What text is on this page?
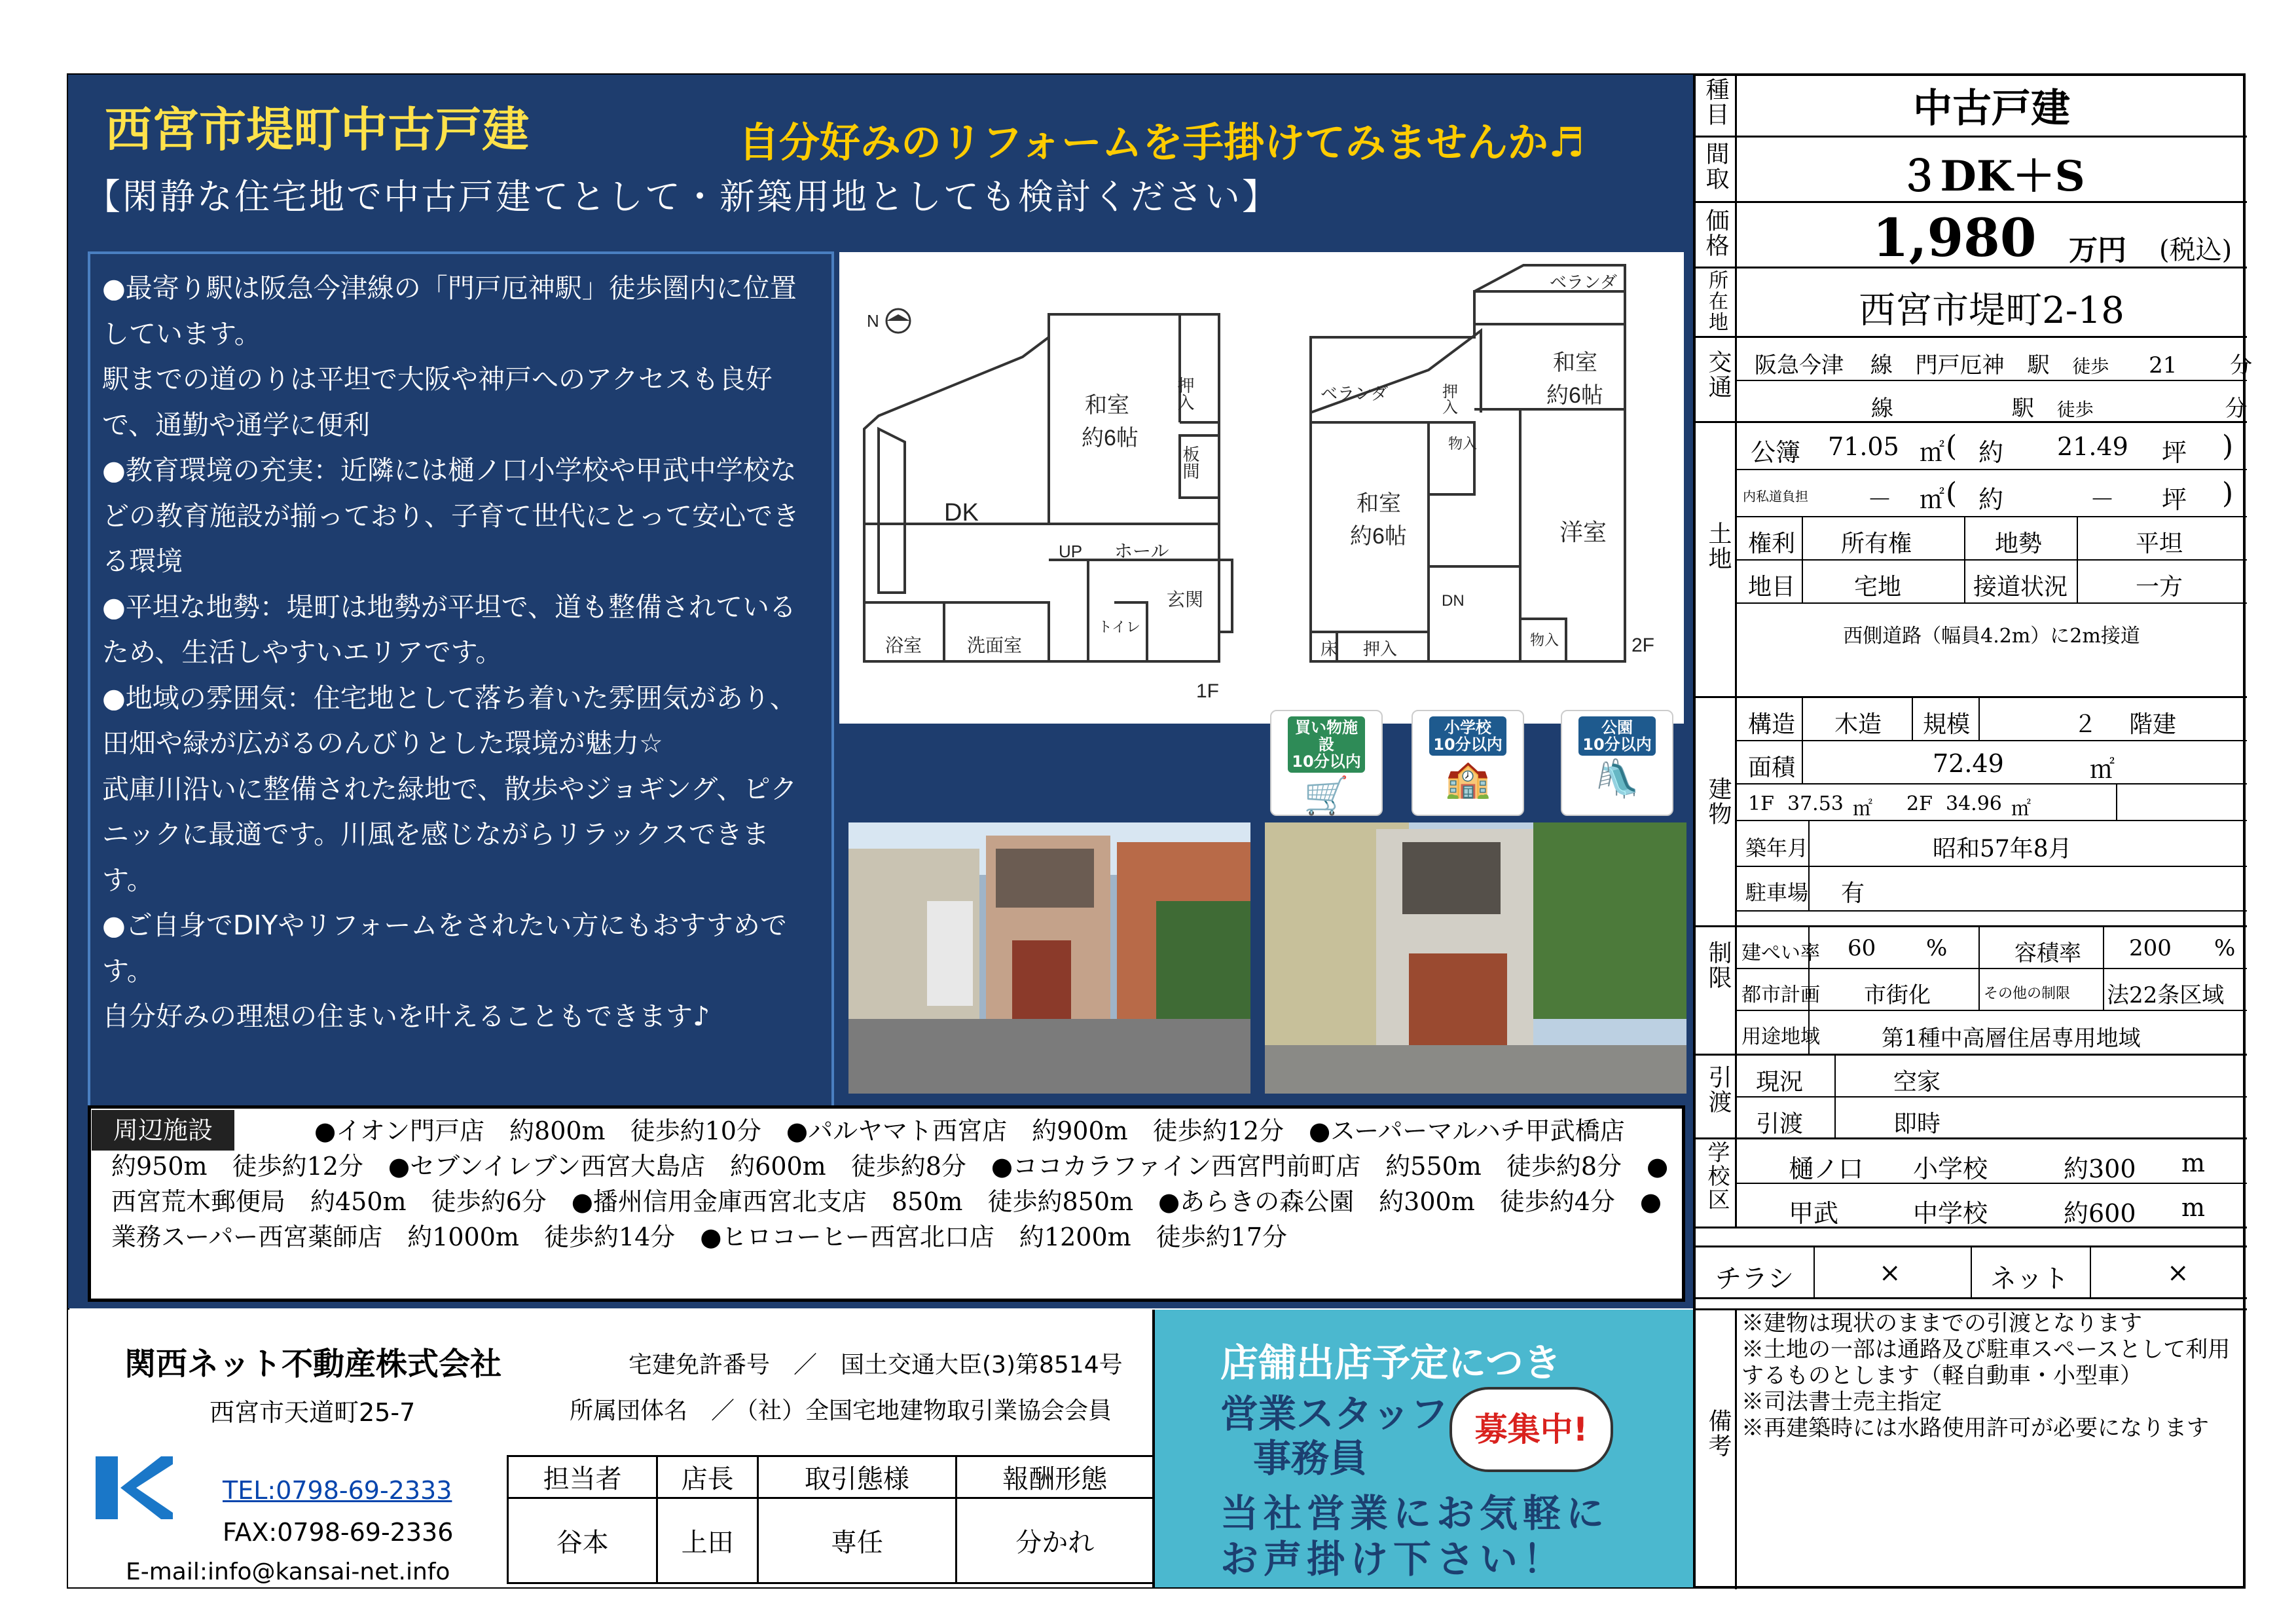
西宮市堤町中古戸建	自分好みのリフォームを手掛けてみませんか♬
【閑静な住宅地で中古戸建てとして・新築用地としても検討ください】

●最寄り駅は阪急今津線の「門戸厄神駅」徒歩圏内に位置しています。

駅までの道のりは平坦で大阪や神戸へのアクセスも良好で、通勤や通学に便利

●教育環境の充実：近隣には樋ノ口小学校や甲武中学校などの教育施設が揃っており、子育て世代にとって安心できる環境

●平坦な地勢：堤町は地勢が平坦で、道も整備されているため、生活しやすいエリアです。

●地域の雰囲気：住宅地として落ち着いた雰囲気があり、田畑や緑が広がるのんびりとした環境が魅力☆

武庫川沿いに整備された緑地で、散歩やジョギング、ピクニックに最適です。川風を感じながらリラックスできます。

●ご自身でDIYやリフォームをされたい方にもおすすめです。

自分好みの理想の住まいを叶えることもできます♪

N
DK
和室
約6帖
押入
板間
UP ホール
玄関
トイレ
浴室 洗面室
1F
ベランダ
ベランダ
和室
約6帖
和室
約6帖
押入
物入
洋室
DN
物入
床 押入	2F
買い物施設
10分以内
🛒
小学校
10分以内
🏫
公園
10分以内
🛝
●イオン門戸店　約800m　徒歩約10分　●パルヤマト西宮店　約900m　徒歩約12分　●スーパーマルハチ甲武橋店　約950m　徒歩約12分　●セブンイレブン西宮大島店　約600m　徒歩約8分　●ココカラファイン西宮門前町店　約550m　徒歩約8分　●西宮荒木郵便局　約450m　徒歩約6分　●播州信用金庫西宮北支店　850m　徒歩約850m　●あらきの森公園　約300m　徒歩約4分　●業務スーパー西宮薬師店　約1000m　徒歩約14分　●ヒロコーヒー西宮北口店　約1200m　徒歩約17分
周辺施設
関西ネット不動産株式会社
西宮市天道町25-7
宅建免許番号　／　国土交通大臣(3)第8514号
所属団体名　／（社）全国宅地建物取引業協会会員
TEL:0798-69-2333
FAX:0798-69-2336
E-mail:info@kansai-net.info
担当者	店長	取引態様	報酬形態
谷本	上田	専任	分かれ
店舗出店予定につき
営業スタッフ
事務員
募集中!
当社営業にお気軽に
お声掛け下さい！
種目	中古戸建
間取	３DK＋S
価格	1,980 万円 (税込)
所在地	西宮市堤町2-18
交通 阪急今津 線 門戸厄神 駅 徒歩 21 分
線	駅 徒歩	分
土地
公簿 71.05 ㎡ ( 約 21.49 坪 )
内私道負担 － ㎡ ( 約	－ 坪 )
権利 所有権	地勢	平坦
地目 宅地	接道状況	一方
西側道路（幅員4.2m）に2m接道
建物
構造 木造 規模	２ 階建
面積	72.49	㎡
1F 37.53 ㎡ 2F 34.96 ㎡
築年月	昭和57年8月
駐車場 有
制限 建ぺい率 60 %	容積率 200 %
都市計画 市街化	その他の制限 法22条区域
用途地域	第1種中高層住居専用地域
引渡 現況	空家
引渡	即時
学校区 樋ノ口 小学校	約300 m
甲武	中学校	約600 m
チラシ	×	ネット	×
備考
※建物は現状のままでの引渡となります
※土地の一部は通路及び駐車スペースとして利用するものとします（軽自動車・小型車）
※司法書士売主指定
※再建築時には水路使用許可が必要になります
